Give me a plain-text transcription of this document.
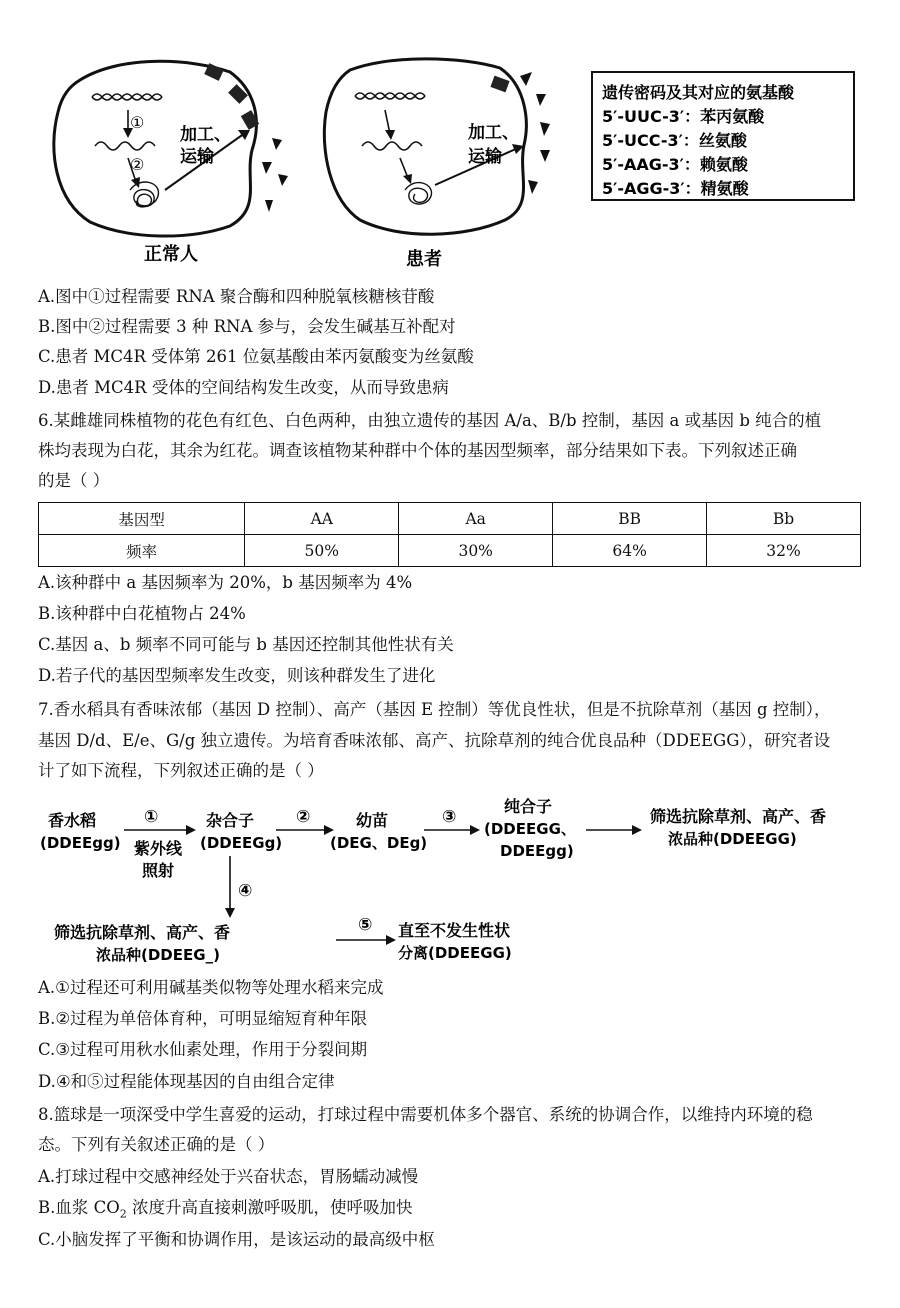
①
②
加工、
运输
正常人
加工、
运输
患者
遗传密码及其对应的氨基酸
5′-UUC-3′：苯丙氨酸
5′-UCC-3′：丝氨酸
5′-AAG-3′：赖氨酸
5′-AGG-3′：精氨酸
A.图中①过程需要 RNA 聚合酶和四种脱氧核糖核苷酸
B.图中②过程需要 3 种 RNA 参与，会发生碱基互补配对
C.患者 MC4R 受体第 261 位氨基酸由苯丙氨酸变为丝氨酸
D.患者 MC4R 受体的空间结构发生改变，从而导致患病
6.某雌雄同株植物的花色有红色、白色两种，由独立遗传的基因 A/a、B/b 控制，基因 a 或基因 b 纯合的植
株均表现为白花，其余为红花。调查该植物某种群中个体的基因型频率，部分结果如下表。下列叙述正确
的是（ ）
基因型	AA	Aa	BB	Bb
频率	50%	30%	64%	32%
A.该种群中 a 基因频率为 20%，b 基因频率为 4%
B.该种群中白花植物占 24%
C.基因 a、b 频率不同可能与 b 基因还控制其他性状有关
D.若子代的基因型频率发生改变，则该种群发生了进化
7.香水稻具有香味浓郁（基因 D 控制）、高产（基因 E 控制）等优良性状，但是不抗除草剂（基因 g 控制），
基因 D/d、E/e、G/g 独立遗传。为培育香味浓郁、高产、抗除草剂的纯合优良品种（DDEEGG），研究者设
计了如下流程，下列叙述正确的是（ ）
香水稻
(DDEEgg)
①
紫外线
照射
杂合子
(DDEEGg)
②	幼苗
(DEG、DEg)
③
纯合子
(DDEEGG、
DDEEgg)
筛选抗除草剂、高产、香
浓品种(DDEEGG)
④
筛选抗除草剂、高产、香
浓品种(DDEEG_)
⑤ 直至不发生性状
分离(DDEEGG)
A.①过程还可利用碱基类似物等处理水稻来完成
B.②过程为单倍体育种，可明显缩短育种年限
C.③过程可用秋水仙素处理，作用于分裂间期
D.④和⑤过程能体现基因的自由组合定律
8.篮球是一项深受中学生喜爱的运动，打球过程中需要机体多个器官、系统的协调合作，以维持内环境的稳
态。下列有关叙述正确的是（ ）
A.打球过程中交感神经处于兴奋状态，胃肠蠕动减慢
B.血浆 $CO_2$ 浓度升高直接刺激呼吸肌，使呼吸加快
C.小脑发挥了平衡和协调作用，是该运动的最高级中枢
